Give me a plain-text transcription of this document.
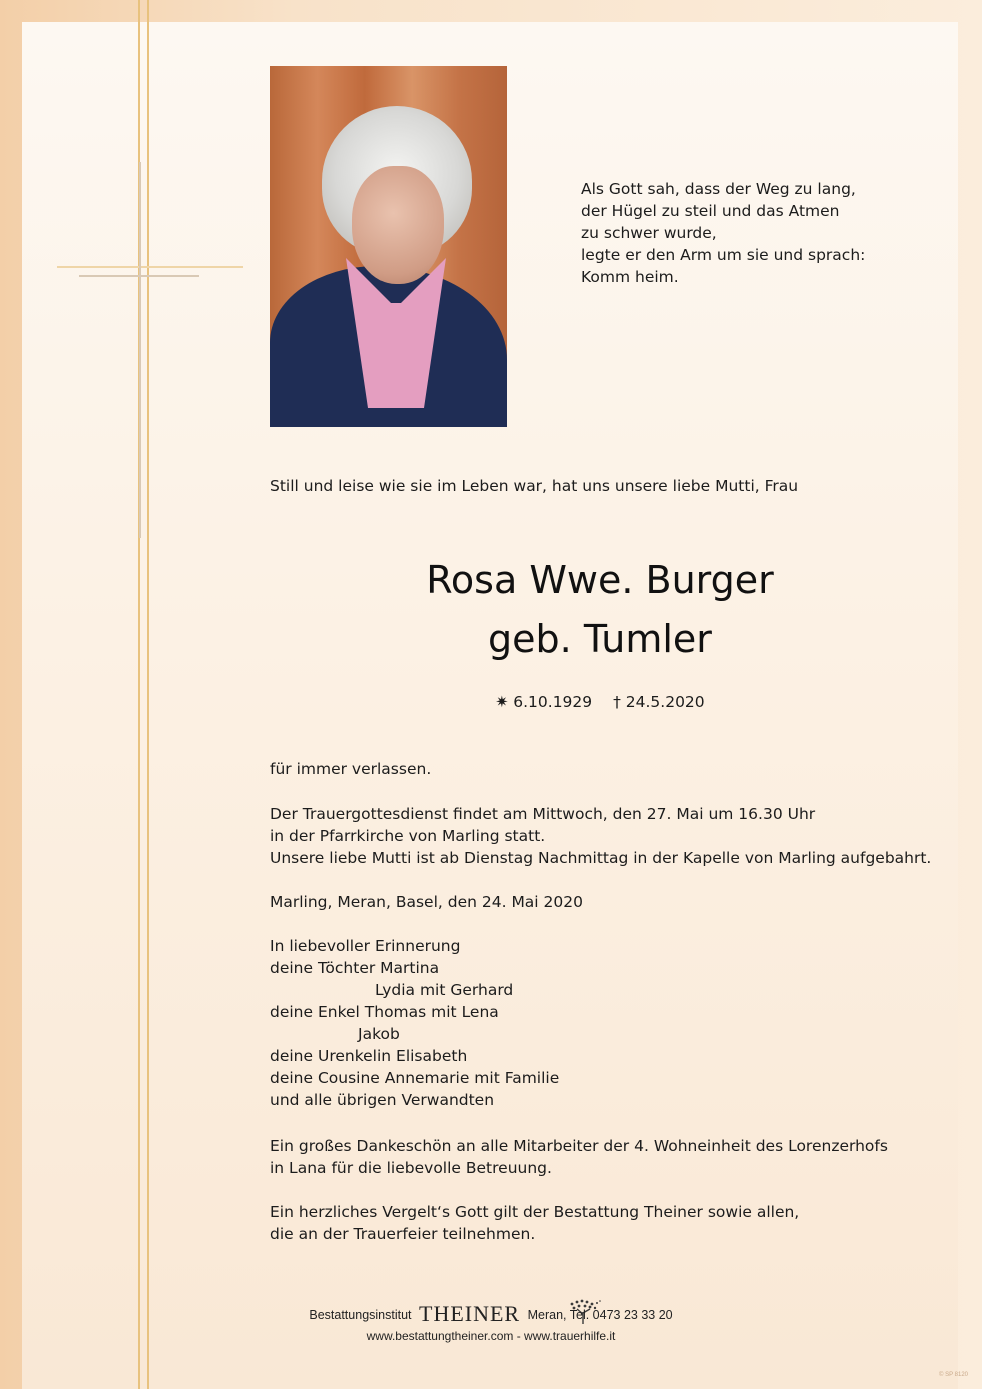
Als Gott sah, dass der Weg zu lang,
der Hügel zu steil und das Atmen
zu schwer wurde,
legte er den Arm um sie und sprach:
Komm heim.
Still und leise wie sie im Leben war, hat uns unsere liebe Mutti, Frau
Rosa Wwe. Burger
geb. Tumler
✷ 6.10.1929 † 24.5.2020
für immer verlassen.
Der Trauergottesdienst findet am Mittwoch, den 27. Mai um 16.30 Uhr
in der Pfarrkirche von Marling statt.
Unsere liebe Mutti ist ab Dienstag Nachmittag in der Kapelle von Marling aufgebahrt.
Marling, Meran, Basel, den 24. Mai 2020
In liebevoller Erinnerung
deine Töchter Martina
Lydia mit Gerhard
deine Enkel Thomas mit Lena
Jakob
deine Urenkelin Elisabeth
deine Cousine Annemarie mit Familie
und alle übrigen Verwandten
Ein großes Dankeschön an alle Mitarbeiter der 4. Wohneinheit des Lorenzerhofs
in Lana für die liebevolle Betreuung.
Ein herzliches Vergelt‘s Gott gilt der Bestattung Theiner sowie allen,
die an der Trauerfeier teilnehmen.
Bestattungsinstitut THEINER Meran, Tel. 0473 23 33 20
www.bestattungtheiner.com - www.trauerhilfe.it
© SP 8120
